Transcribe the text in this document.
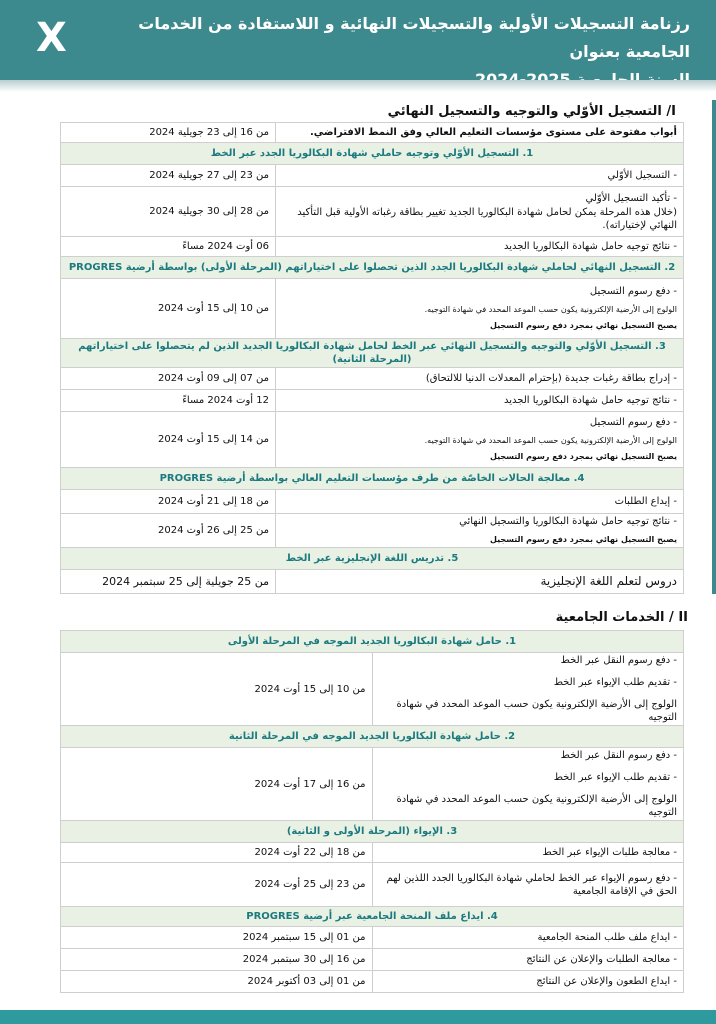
X	رزنامة التسجيلات الأولية والتسجيلات النهائية و اللاستفادة من الخدمات الجامعية بعنوان
I/ التسجيل الأوّلي والتوجيه والتسجيل النهائي
أبواب مفتوحة على مستوى مؤسسات التعليم العالي وفق النمط الافتراضي.	من 16 إلى 23 جويلية 2024
1. التسجيل الأوّلي وتوجيه حاملي شهادة البكالوريا الجدد عبر الخط	
- التسجيل الأوّلي	من 23 إلى 27 جويلية 2024

- تأكيد التسجيل الأوّلي
(خلال هذه المرحلة يمكن لحامل شهادة البكالوريا الجديد تغيير بطاقة رغباته الأولية قبل التأكيد النهائي لإختياراته).	من 28 إلى 30 جويلية 2024
- نتائج توجيه حامل شهادة البكالوريا الجديد	06 أوت 2024 مساءً
2. التسجيل النهائي لحاملي شهادة البكالوريا الجدد الذين تحصلوا على اختياراتهم (المرحلة الأولى) بواسطة أرضية PROGRES	

- دفع رسوم التسجيل
الولوج إلى الأرضية الإلكترونية يكون حسب الموعد المحدد في شهادة التوجيه.
يصبح التسجيل نهائي بمجرد دفع رسوم التسجيل	من 10 إلى 15 أوت 2024
3. التسجيل الأوّلي والتوجيه والتسجيل النهائي عبر الخط لحامل شهادة البكالوريا الجديد الذين لم يتحصلوا على اختياراتهم (المرحلة الثانية)	
- إدراج بطاقة رغبات جديدة (بإحترام المعدلات الدنيا للالتحاق)	من 07 إلى 09 أوت 2024
- نتائج توجيه حامل شهادة البكالوريا الجديد	12 أوت 2024 مساءً

- دفع رسوم التسجيل
الولوج إلى الأرضية الإلكترونية يكون حسب الموعد المحدد في شهادة التوجيه.
يصبح التسجيل نهائي بمجرد دفع رسوم التسجيل	من 14 إلى 15 أوت 2024
4. معالجة الحالات الخاصّة من طرف مؤسسات التعليم العالي بواسطة أرضية PROGRES	
- إيداع الطلبات	من 18 إلى 21 أوت 2024

- نتائج توجيه حامل شهادة البكالوريا والتسجيل النهائي
يصبح التسجيل نهائي بمجرد دفع رسوم التسجيل	من 25 إلى 26 أوت 2024
5. تدريس اللغة الإنجليزية عبر الخط	
دروس لتعلم اللغة الإنجليزية	من 25 جويلية إلى 25 سبتمبر 2024
II / الخدمات الجامعية
1. حامل شهادة البكالوريا الجديد الموجه في المرحلة الأولى	

- دفع رسوم النقل عبر الخط
- تقديم طلب الإيواء عبر الخط
الولوج إلى الأرضية الإلكترونية يكون حسب الموعد المحدد في شهادة التوجيه	من 10 إلى 15 أوت 2024
2. حامل شهادة البكالوريا الجديد الموجه في المرحلة الثانية	

- دفع رسوم النقل عبر الخط
- تقديم طلب الإيواء عبر الخط
الولوج إلى الأرضية الإلكترونية يكون حسب الموعد المحدد في شهادة التوجيه	من 16 إلى 17 أوت 2024
3. الإيواء (المرحلة الأولى و الثانية)	
- معالجة طلبات الإيواء عبر الخط	من 18 إلى 22 أوت 2024
- دفع رسوم الإيواء عبر الخط لحاملي شهادة البكالوريا الجدد اللذين لهم الحق في الإقامة الجامعية	من 23 إلى 25 أوت 2024
4. ايداع ملف المنحة الجامعية عبر أرضية PROGRES	
- ايداع ملف طلب المنحة الجامعية	من 01 إلى 15 سبتمبر 2024
- معالجة الطلبات والإعلان عن النتائج	من 16 إلى 30 سبتمبر 2024
- ايداع الطعون والإعلان عن النتائج	من 01 إلى 03 أكتوبر 2024
